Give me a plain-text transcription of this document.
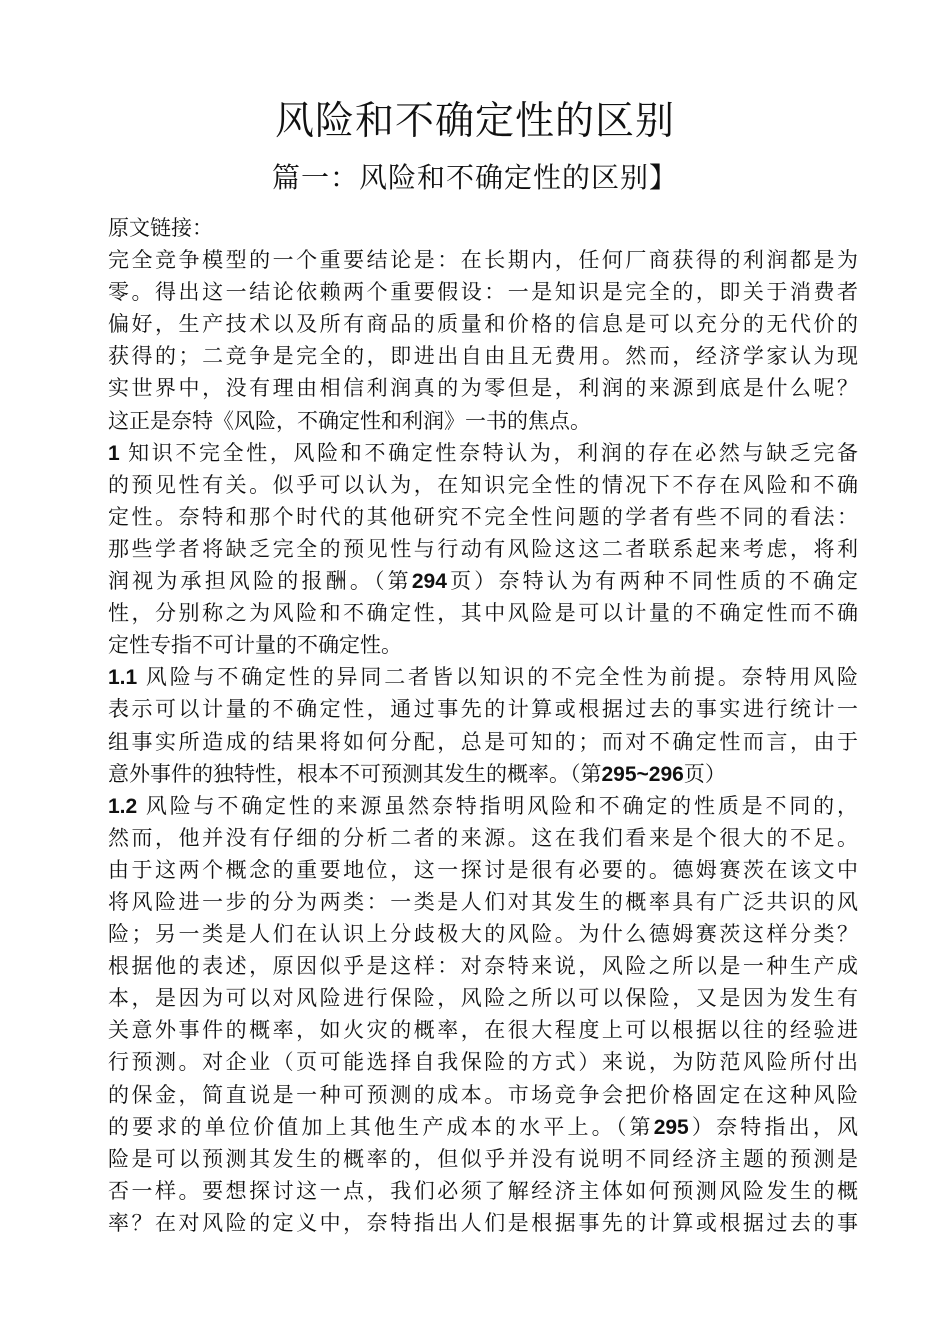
风险和不确定性的区别
篇一：风险和不确定性的区别】
原文链接：
完全竞争模型的一个重要结论是：在长期内，任何厂商获得的利润都是为
零。得出这一结论依赖两个重要假设：一是知识是完全的，即关于消费者
偏好，生产技术以及所有商品的质量和价格的信息是可以充分的无代价的
获得的；二竞争是完全的，即进出自由且无费用。然而，经济学家认为现
实世界中，没有理由相信利润真的为零但是，利润的来源到底是什么呢？
这正是奈特《风险，不确定性和利润》一书的焦点。
1 知识不完全性，风险和不确定性奈特认为，利润的存在必然与缺乏完备
的预见性有关。似乎可以认为，在知识完全性的情况下不存在风险和不确
定性。奈特和那个时代的其他研究不完全性问题的学者有些不同的看法：
那些学者将缺乏完全的预见性与行动有风险这这二者联系起来考虑，将利
润视为承担风险的报酬。（第294页）奈特认为有两种不同性质的不确定
性，分别称之为风险和不确定性，其中风险是可以计量的不确定性而不确
定性专指不可计量的不确定性。
1.1 风险与不确定性的异同二者皆以知识的不完全性为前提。奈特用风险
表示可以计量的不确定性，通过事先的计算或根据过去的事实进行统计一
组事实所造成的结果将如何分配，总是可知的；而对不确定性而言，由于
意外事件的独特性，根本不可预测其发生的概率。（第295~296页）
1.2 风险与不确定性的来源虽然奈特指明风险和不确定的性质是不同的，
然而，他并没有仔细的分析二者的来源。这在我们看来是个很大的不足。
由于这两个概念的重要地位，这一探讨是很有必要的。德姆赛茨在该文中
将风险进一步的分为两类：一类是人们对其发生的概率具有广泛共识的风
险；另一类是人们在认识上分歧极大的风险。为什么德姆赛茨这样分类？
根据他的表述，原因似乎是这样：对奈特来说，风险之所以是一种生产成
本，是因为可以对风险进行保险，风险之所以可以保险，又是因为发生有
关意外事件的概率，如火灾的概率，在很大程度上可以根据以往的经验进
行预测。对企业（页可能选择自我保险的方式）来说，为防范风险所付出
的保金，简直说是一种可预测的成本。市场竞争会把价格固定在这种风险
的要求的单位价值加上其他生产成本的水平上。（第295）奈特指出，风
险是可以预测其发生的概率的，但似乎并没有说明不同经济主题的预测是
否一样。要想探讨这一点，我们必须了解经济主体如何预测风险发生的概
率？在对风险的定义中，奈特指出人们是根据事先的计算或根据过去的事
